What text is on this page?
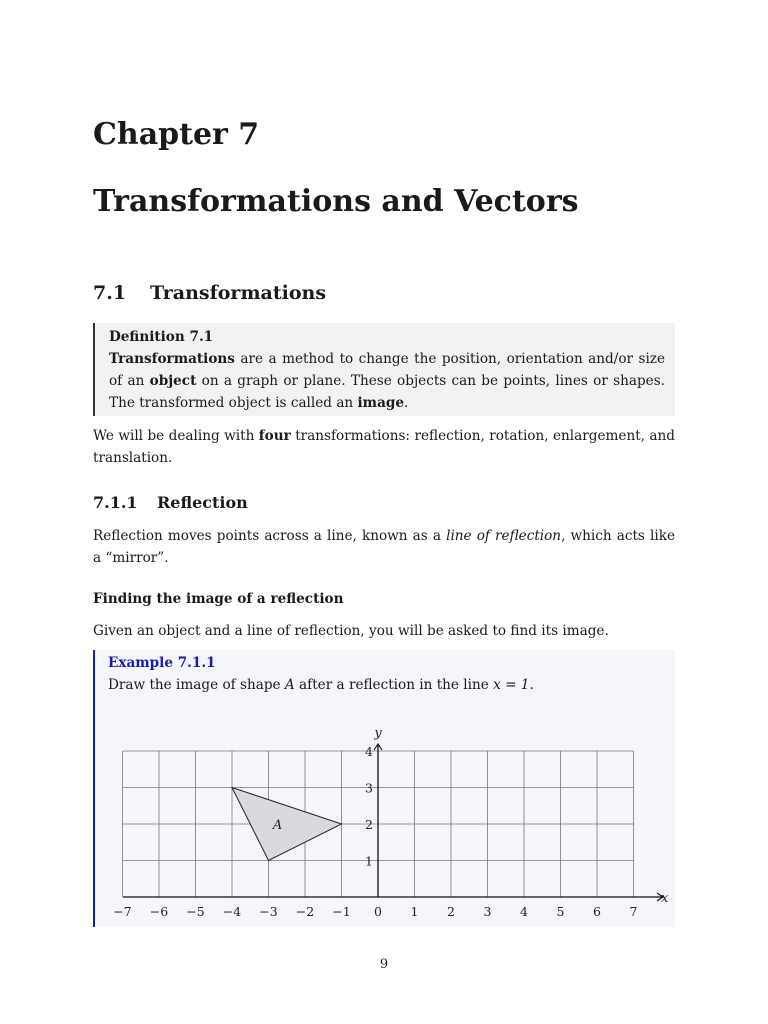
Chapter 7
Transformations and Vectors
7.1 Transformations
Definition 7.1

Transformations are a method to change the position, orientation and/or size of an object on a graph or plane. These objects can be points, lines or shapes. The transformed object is called an image.

We will be dealing with four transformations: reflection, rotation, enlargement, and translation.

7.1.1 Reflection

Reflection moves points across a line, known as a line of reflection, which acts like a “mirror”.

Finding the image of a reflection

Given an object and a line of reflection, you will be asked to find its image.

Example 7.1.1

Draw the image of shape A after a reflection in the line x = 1.

A
x
y
−7 −6 −5 −4 −3 −2 −1 0 1 2 3 4 5 6 7
1
2
3
4

9
